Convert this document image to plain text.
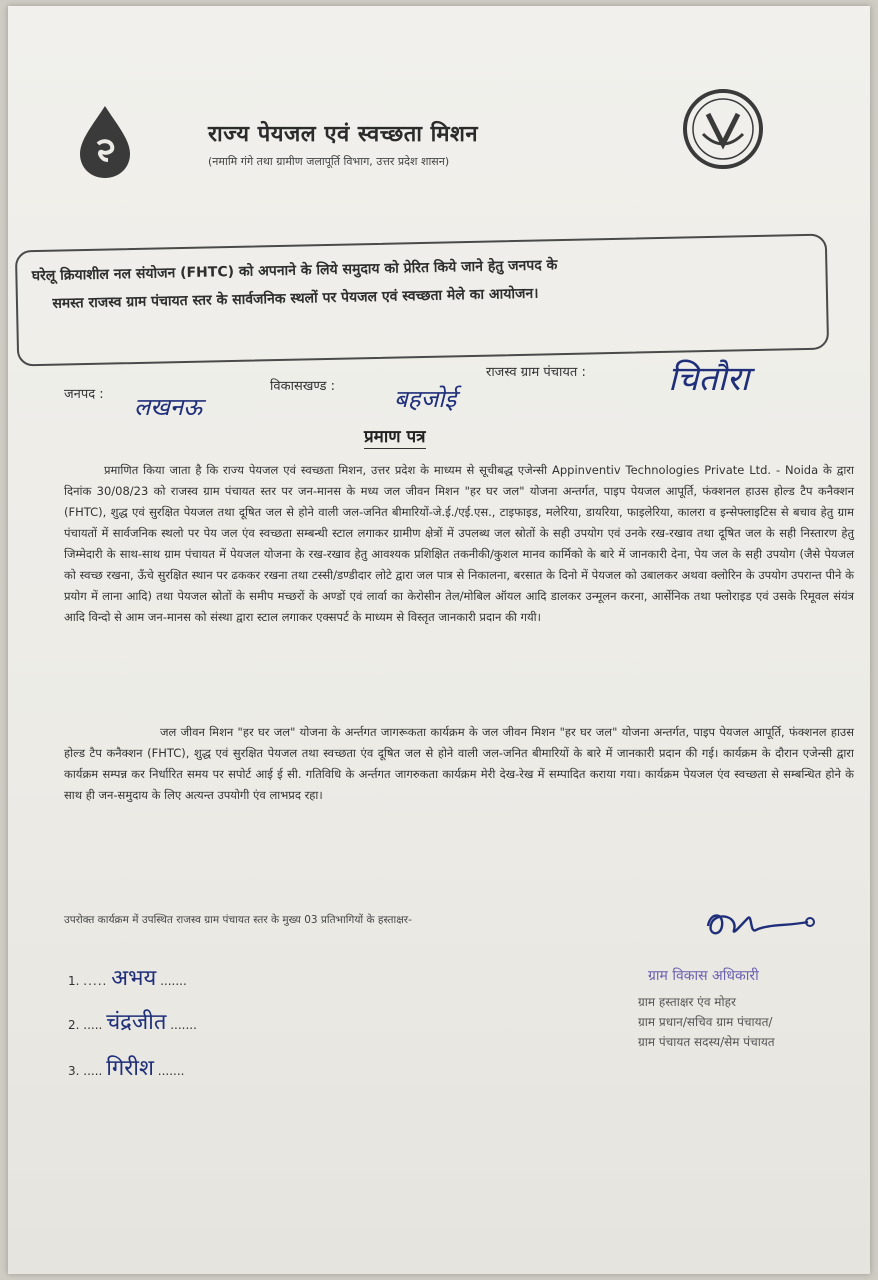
राज्य पेयजल एवं स्वच्छता मिशन
(नमामि गंगे तथा ग्रामीण जलापूर्ति विभाग, उत्तर प्रदेश शासन)
घरेलू क्रियाशील नल संयोजन (FHTC) को अपनाने के लिये समुदाय को प्रेरित किये जाने हेतु जनपद के
समस्त राजस्व ग्राम पंचायत स्तर के सार्वजनिक स्थलों पर पेयजल एवं स्वच्छता मेले का आयोजन।
जनपद : लखनऊ
विकासखण्ड : बहजोई
राजस्व ग्राम पंचायत : चितौरा
प्रमाण पत्र
प्रमाणित किया जाता है कि राज्य पेयजल एवं स्वच्छता मिशन, उत्तर प्रदेश के माध्यम से सूचीबद्ध एजेन्सी Appinventiv Technologies Private Ltd. - Noida के द्वारा दिनांक 30/08/23 को राजस्व ग्राम पंचायत स्तर पर जन-मानस के मध्य जल जीवन मिशन "हर घर जल" योजना अन्तर्गत, पाइप पेयजल आपूर्ति, फंक्शनल हाउस होल्ड टैप कनैक्शन (FHTC), शुद्ध एवं सुरक्षित पेयजल तथा दूषित जल से होने वाली जल-जनित बीमारियों-जे.ई./एई.एस., टाइफाइड, मलेरिया, डायरिया, फाइलेरिया, कालरा व इन्सेफ्लाइटिस से बचाव हेतु ग्राम पंचायतों में सार्वजनिक स्थलो पर पेय जल एंव स्वच्छता सम्बन्धी स्टाल लगाकर ग्रामीण क्षेत्रों में उपलब्ध जल स्रोतों के सही उपयोग एवं उनके रख-रखाव तथा दूषित जल के सही निस्तारण हेतु जिम्मेदारी के साथ-साथ ग्राम पंचायत में पेयजल योजना के रख-रखाव हेतु आवश्यक प्रशिक्षित तकनीकी/कुशल मानव कार्मिको के बारे में जानकारी देना, पेय जल के सही उपयोग (जैसे पेयजल को स्वच्छ रखना, ऊँचे सुरक्षित स्थान पर ढककर रखना तथा टस्सी/डण्डीदार लोटे द्वारा जल पात्र से निकालना, बरसात के दिनो में पेयजल को उबालकर अथवा क्लोरिन के उपयोग उपरान्त पीने के प्रयोग में लाना आदि) तथा पेयजल स्रोतों के समीप मच्छरों के अण्डों एवं लार्वा का केरोसीन तेल/मोबिल ऑयल आदि डालकर उन्मूलन करना, आर्सेनिक तथा फ्लोराइड एवं उसके रिमूवल संयंत्र आदि विन्दो से आम जन-मानस को संस्था द्वारा स्टाल लगाकर एक्सपर्ट के माध्यम से विस्तृत जानकारी प्रदान की गयी।
जल जीवन मिशन "हर घर जल" योजना के अर्न्तगत जागरूकता कार्यक्रम के जल जीवन मिशन "हर घर जल" योजना अन्तर्गत, पाइप पेयजल आपूर्ति, फंक्शनल हाउस होल्ड टैप कनैक्शन (FHTC), शुद्ध एवं सुरक्षित पेयजल तथा स्वच्छता एंव दूषित जल से होने वाली जल-जनित बीमारियों के बारे में जानकारी प्रदान की गई। कार्यक्रम के दौरान एजेन्सी द्वारा कार्यक्रम सम्पन्न कर निर्धारित समय पर सपोर्ट आई ई सी. गतिविधि के अर्न्तगत जागरुकता कार्यक्रम मेरी देख-रेख में सम्पादित कराया गया। कार्यक्रम पेयजल एंव स्वच्छता से सम्बन्धित होने के साथ ही जन-समुदाय के लिए अत्यन्त उपयोगी एंव लाभप्रद रहा।
उपरोक्त कार्यक्रम में उपस्थित राजस्व ग्राम पंचायत स्तर के मुख्य 03 प्रतिभागियों के हस्ताक्षर-
1. ..... अभय .......
2. ..... चंद्रजीत .......
3. ..... गिरीश .......
ग्राम विकास अधिकारी
ग्राम हस्ताक्षर एंव मोहर
ग्राम प्रधान/सचिव ग्राम पंचायत/
ग्राम पंचायत सदस्य/सेम पंचायत
